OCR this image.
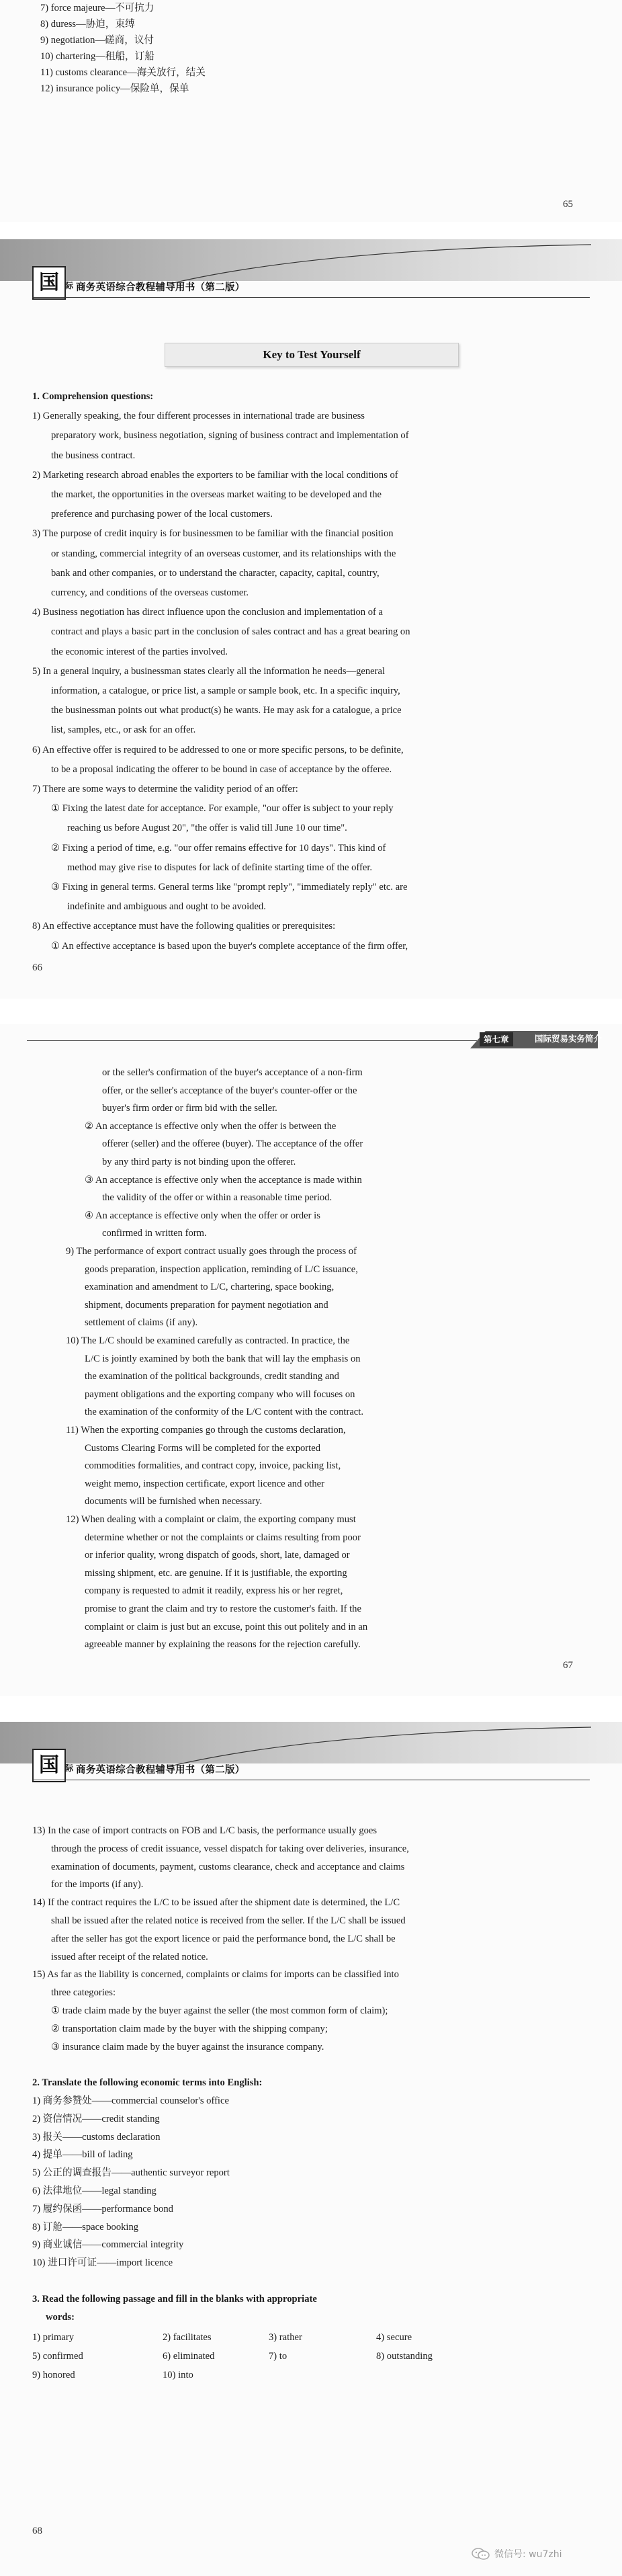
7) force majeure—不可抗力
8) duress—胁迫，束缚
9) negotiation—磋商，议付
10) chartering—租船，订船
11) customs clearance—海关放行，结关
12) insurance policy—保险单，保单
65
国 际 商务英语综合教程辅导用书（第二版）
Key to Test Yourself
1. Comprehension questions:
1) Generally speaking, the four different processes in international trade are business
preparatory work, business negotiation, signing of business contract and implementation of
the business contract.
2) Marketing research abroad enables the exporters to be familiar with the local conditions of
the market, the opportunities in the overseas market waiting to be developed and the
preference and purchasing power of the local customers.
3) The purpose of credit inquiry is for businessmen to be familiar with the financial position
or standing, commercial integrity of an overseas customer, and its relationships with the
bank and other companies, or to understand the character, capacity, capital, country,
currency, and conditions of the overseas customer.
4) Business negotiation has direct influence upon the conclusion and implementation of a
contract and plays a basic part in the conclusion of sales contract and has a great bearing on
the economic interest of the parties involved.
5) In a general inquiry, a businessman states clearly all the information he needs—general
information, a catalogue, or price list, a sample or sample book, etc. In a specific inquiry,
the businessman points out what product(s) he wants. He may ask for a catalogue, a price
list, samples, etc., or ask for an offer.
6) An effective offer is required to be addressed to one or more specific persons, to be definite,
to be a proposal indicating the offerer to be bound in case of acceptance by the offeree.
7) There are some ways to determine the validity period of an offer:
① Fixing the latest date for acceptance. For example, "our offer is subject to your reply
reaching us before August 20", "the offer is valid till June 10 our time".
② Fixing a period of time, e.g. "our offer remains effective for 10 days". This kind of
method may give rise to disputes for lack of definite starting time of the offer.
③ Fixing in general terms. General terms like "prompt reply", "immediately reply" etc. are
indefinite and ambiguous and ought to be avoided.
8) An effective acceptance must have the following qualities or prerequisites:
① An effective acceptance is based upon the buyer's complete acceptance of the firm offer,
66
第七章	国际贸易实务简介
or the seller's confirmation of the buyer's acceptance of a non-firm
offer, or the seller's acceptance of the buyer's counter-offer or the
buyer's firm order or firm bid with the seller.
② An acceptance is effective only when the offer is between the
offerer (seller) and the offeree (buyer). The acceptance of the offer
by any third party is not binding upon the offerer.
③ An acceptance is effective only when the acceptance is made within
the validity of the offer or within a reasonable time period.
④ An acceptance is effective only when the offer or order is
confirmed in written form.
9) The performance of export contract usually goes through the process of
goods preparation, inspection application, reminding of L/C issuance,
examination and amendment to L/C, chartering, space booking,
shipment, documents preparation for payment negotiation and
settlement of claims (if any).
10) The L/C should be examined carefully as contracted. In practice, the
L/C is jointly examined by both the bank that will lay the emphasis on
the examination of the political backgrounds, credit standing and
payment obligations and the exporting company who will focuses on
the examination of the conformity of the L/C content with the contract.
11) When the exporting companies go through the customs declaration,
Customs Clearing Forms will be completed for the exported
commodities formalities, and contract copy, invoice, packing list,
weight memo, inspection certificate, export licence and other
documents will be furnished when necessary.
12) When dealing with a complaint or claim, the exporting company must
determine whether or not the complaints or claims resulting from poor
or inferior quality, wrong dispatch of goods, short, late, damaged or
missing shipment, etc. are genuine. If it is justifiable, the exporting
company is requested to admit it readily, express his or her regret,
promise to grant the claim and try to restore the customer's faith. If the
complaint or claim is just but an excuse, point this out politely and in an
agreeable manner by explaining the reasons for the rejection carefully.
67
国 际 商务英语综合教程辅导用书（第二版）
13) In the case of import contracts on FOB and L/C basis, the performance usually goes
through the process of credit issuance, vessel dispatch for taking over deliveries, insurance,
examination of documents, payment, customs clearance, check and acceptance and claims
for the imports (if any).
14) If the contract requires the L/C to be issued after the shipment date is determined, the L/C
shall be issued after the related notice is received from the seller. If the L/C shall be issued
after the seller has got the export licence or paid the performance bond, the L/C shall be
issued after receipt of the related notice.
15) As far as the liability is concerned, complaints or claims for imports can be classified into
three categories:
① trade claim made by the buyer against the seller (the most common form of claim);
② transportation claim made by the buyer with the shipping company;
③ insurance claim made by the buyer against the insurance company.
2. Translate the following economic terms into English:
1) 商务参赞处——commercial counselor's office
2) 资信情况——credit standing
3) 报关——customs declaration
4) 提单——bill of lading
5) 公正的调查报告——authentic surveyor report
6) 法律地位——legal standing
7) 履约保函——performance bond
8) 订舱——space booking
9) 商业诚信——commercial integrity
10) 进口许可证——import licence
3. Read the following passage and fill in the blanks with appropriate
words:
1) primary	2) facilitates	3) rather	4) secure
5) confirmed	6) eliminated	7) to	8) outstanding
9) honored	10) into
68
微信号: wu7zhi
